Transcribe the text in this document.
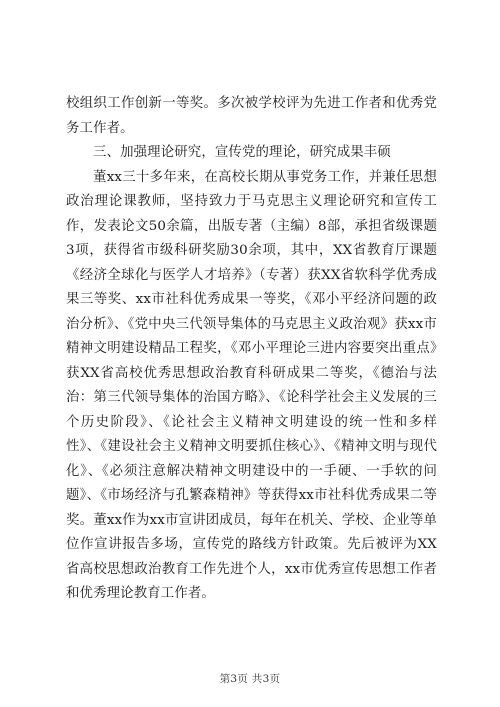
校组织工作创新一等奖。多次被学校评为先进工作者和优秀党务工作者。

三、加强理论研究，宣传党的理论，研究成果丰硕

董xx三十多年来，在高校长期从事党务工作，并兼任思想政治理论课教师，坚持致力于马克思主义理论研究和宣传工作，发表论文50余篇，出版专著（主编）8部，承担省级课题3项，获得省市级科研奖励30余项，其中，XX省教育厅课题《经济全球化与医学人才培养》（专著）获XX省软科学优秀成果三等奖、xx市社科优秀成果一等奖，《邓小平经济问题的政治分析》、《党中央三代领导集体的马克思主义政治观》获xx市精神文明建设精品工程奖，《邓小平理论三进内容要突出重点》获XX省高校优秀思想政治教育科研成果二等奖，《德治与法治：第三代领导集体的治国方略》、《论科学社会主义发展的三个历史阶段》、《论社会主义精神文明建设的统一性和多样性》、《建设社会主义精神文明要抓住核心》、《精神文明与现代化》、《必须注意解决精神文明建设中的一手硬、一手软的问题》、《市场经济与孔繁森精神》等获得xx市社科优秀成果二等奖。董xx作为xx市宣讲团成员，每年在机关、学校、企业等单位作宣讲报告多场，宣传党的路线方针政策。先后被评为XX省高校思想政治教育工作先进个人，xx市优秀宣传思想工作者和优秀理论教育工作者。

第3页 共3页
